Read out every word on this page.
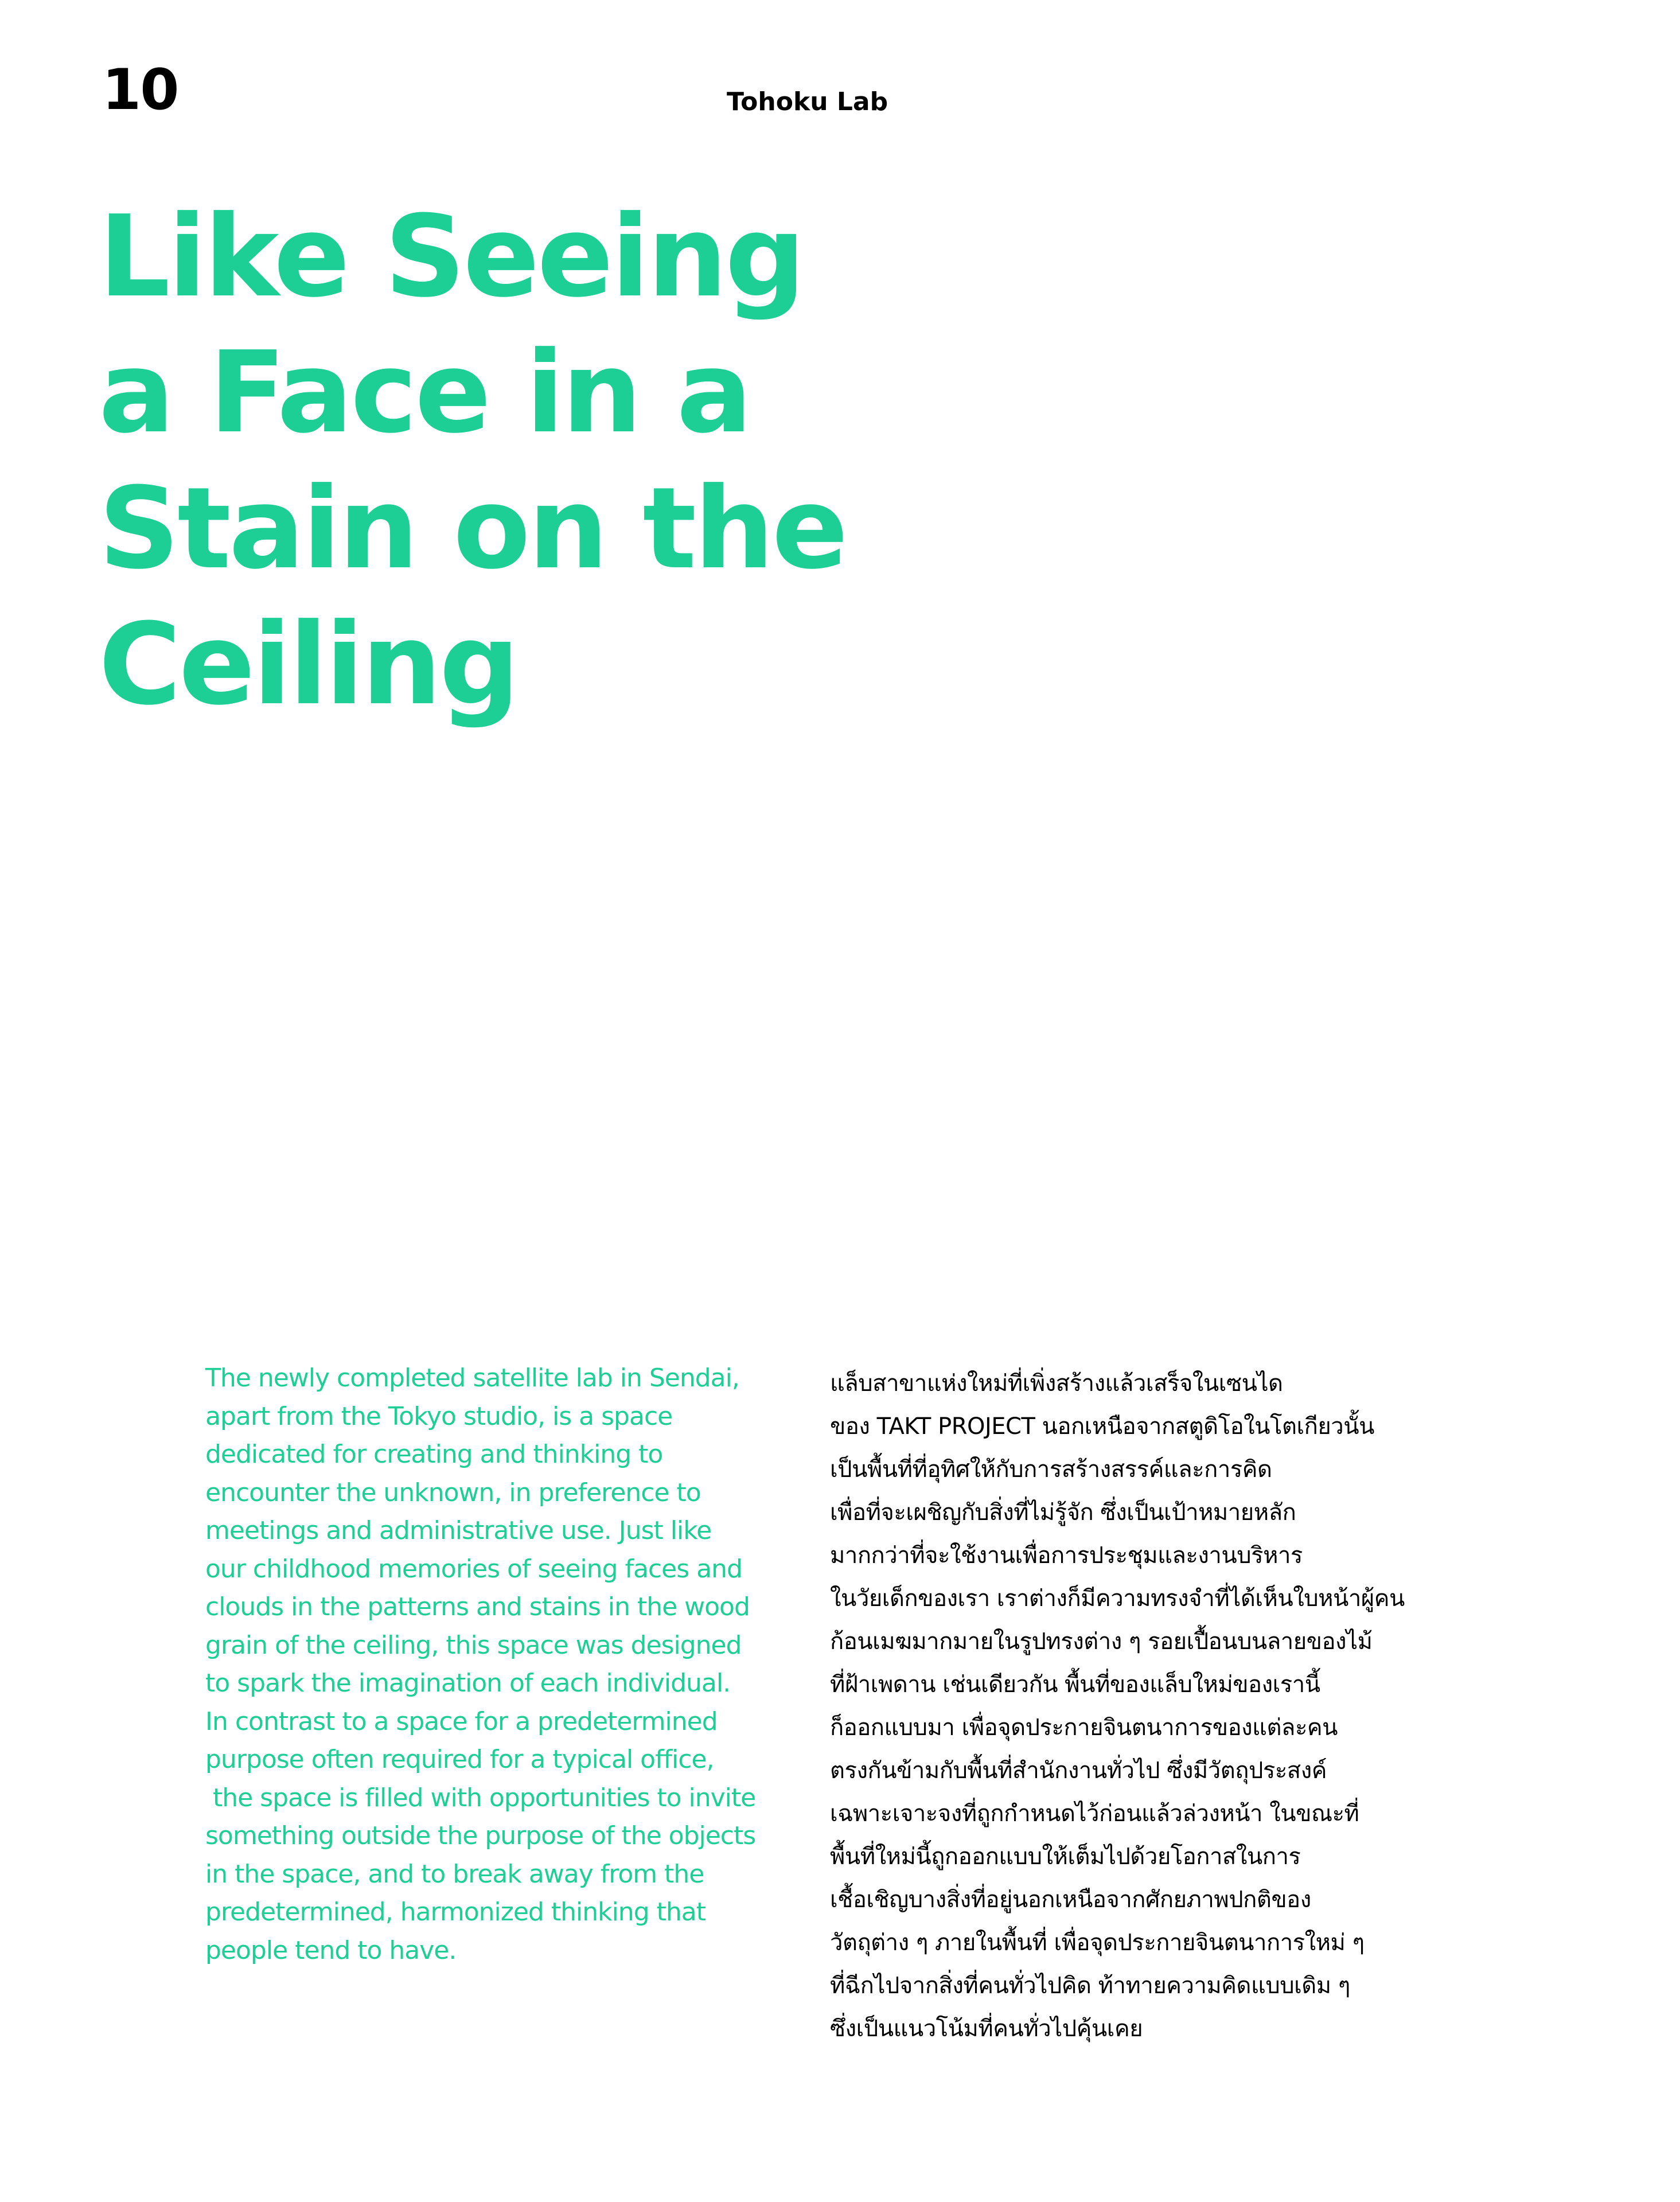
10	Tohoku Lab
Like Seeing
a Face in a
Stain on the
Ceiling
The newly completed satellite lab in Sendai,
apart from the Tokyo studio, is a space
dedicated for creating and thinking to
encounter the unknown, in preference to
meetings and administrative use. Just like
our childhood memories of seeing faces and
clouds in the patterns and stains in the wood
grain of the ceiling, this space was designed
to spark the imagination of each individual.
In contrast to a space for a predetermined
purpose often required for a typical office,
the space is filled with opportunities to invite
something outside the purpose of the objects
in the space, and to break away from the
predetermined, harmonized thinking that
people tend to have.
แล็บสาขาแห่งใหม่ที่เพิ่งสร้างแล้วเสร็จในเซนได
ของ TAKT PROJECT นอกเหนือจากสตูดิโอในโตเกียวนั้น
เป็นพื้นที่ที่อุทิศให้กับการสร้างสรรค์และการคิด
เพื่อที่จะเผชิญกับสิ่งที่ไม่รู้จัก ซึ่งเป็นเป้าหมายหลัก
มากกว่าที่จะใช้งานเพื่อการประชุมและงานบริหาร
ในวัยเด็กของเรา เราต่างก็มีความทรงจำที่ได้เห็นใบหน้าผู้คน
ก้อนเมฆมากมายในรูปทรงต่าง ๆ รอยเปื้อนบนลายของไม้
ที่ฝ้าเพดาน เช่นเดียวกัน พื้นที่ของแล็บใหม่ของเรานี้
ก็ออกแบบมา เพื่อจุดประกายจินตนาการของแต่ละคน
ตรงกันข้ามกับพื้นที่สำนักงานทั่วไป ซึ่งมีวัตถุประสงค์
เฉพาะเจาะจงที่ถูกกำหนดไว้ก่อนแล้วล่วงหน้า ในขณะที่
พื้นที่ใหม่นี้ถูกออกแบบให้เต็มไปด้วยโอกาสในการ
เชื้อเชิญบางสิ่งที่อยู่นอกเหนือจากศักยภาพปกติของ
วัตถุต่าง ๆ ภายในพื้นที่ เพื่อจุดประกายจินตนาการใหม่ ๆ
ที่ฉีกไปจากสิ่งที่คนทั่วไปคิด ท้าทายความคิดแบบเดิม ๆ
ซึ่งเป็นแนวโน้มที่คนทั่วไปคุ้นเคย
